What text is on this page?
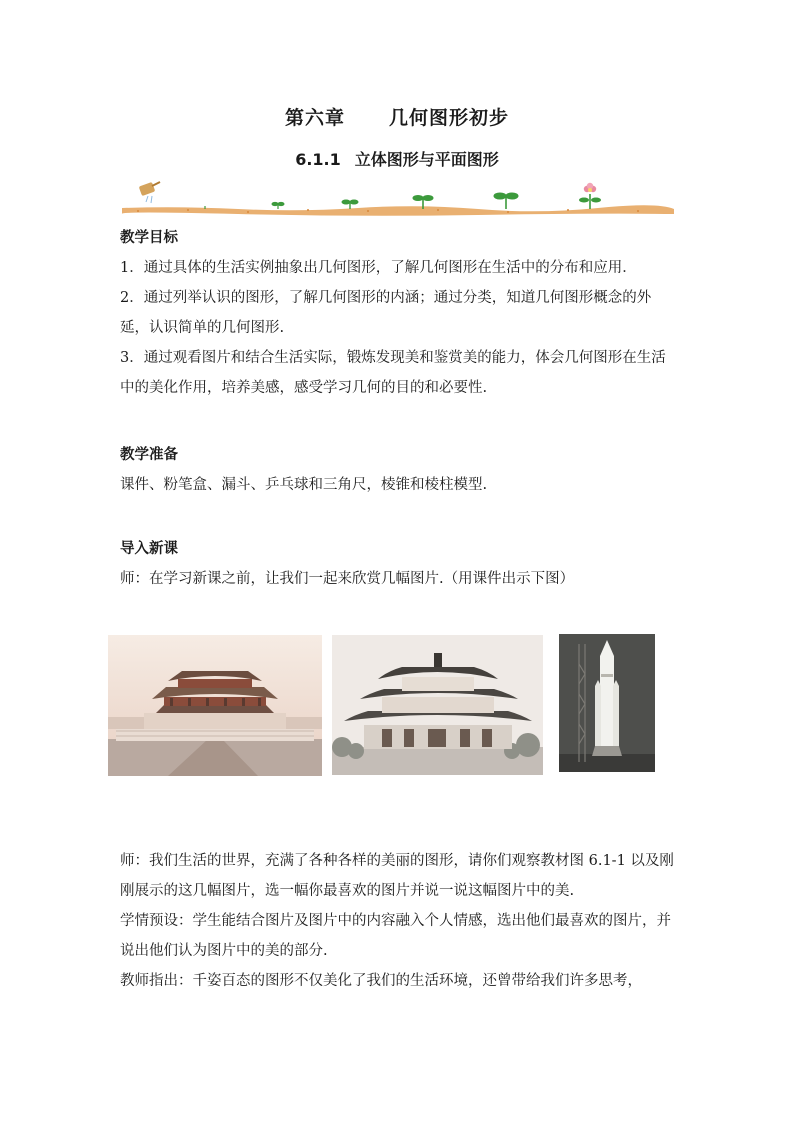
第六章 几何图形初步
6.1.1 立体图形与平面图形
教学目标

1．通过具体的生活实例抽象出几何图形，了解几何图形在生活中的分布和应用．

2．通过列举认识的图形，了解几何图形的内涵；通过分类，知道几何图形概念的外延，认识简单的几何图形.

3．通过观看图片和结合生活实际，锻炼发现美和鉴赏美的能力，体会几何图形在生活中的美化作用，培养美感，感受学习几何的目的和必要性.

教学准备

课件、粉笔盒、漏斗、乒乓球和三角尺，棱锥和棱柱模型.

导入新课

师：在学习新课之前，让我们一起来欣赏几幅图片.（用课件出示下图）

师：我们生活的世界，充满了各种各样的美丽的图形，请你们观察教材图 6.1-1 以及刚刚展示的这几幅图片，选一幅你最喜欢的图片并说一说这幅图片中的美.

学情预设：学生能结合图片及图片中的内容融入个人情感，选出他们最喜欢的图片，并说出他们认为图片中的美的部分.

教师指出：千姿百态的图形不仅美化了我们的生活环境，还曾带给我们许多思考，
